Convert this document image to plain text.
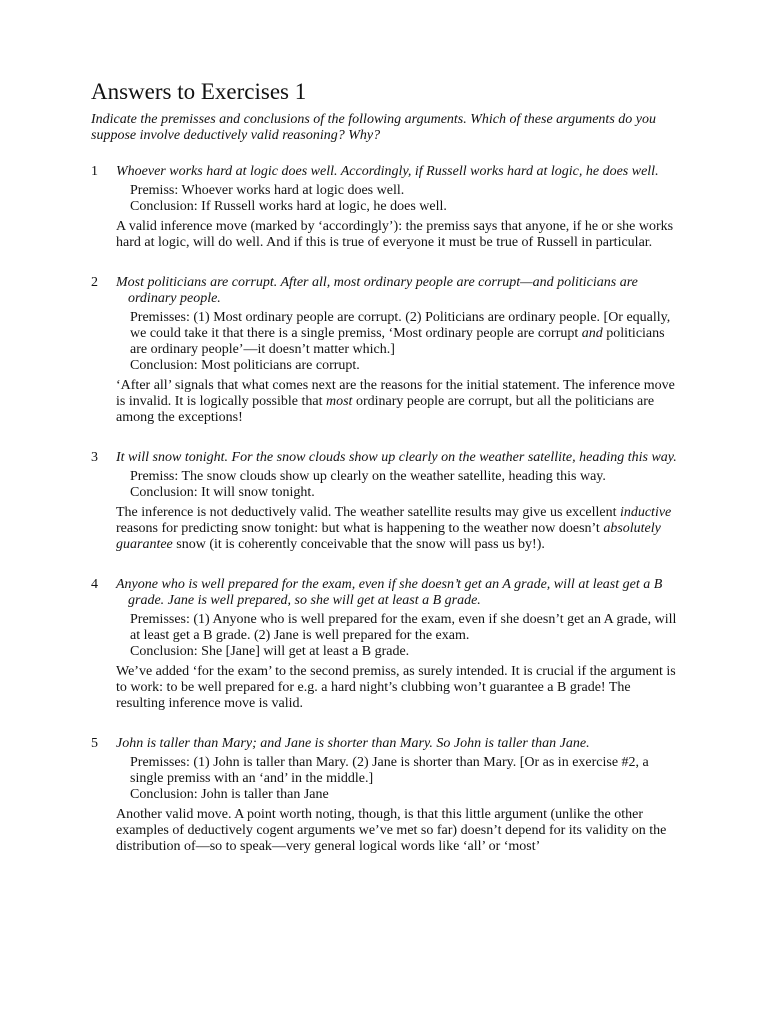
Answers to Exercises 1

Indicate the premisses and conclusions of the following arguments. Which of these arguments do you suppose involve deductively valid reasoning? Why?

1 Whoever works hard at logic does well. Accordingly, if Russell works hard at logic, he does well.

Premiss: Whoever works hard at logic does well.

Conclusion: If Russell works hard at logic, he does well.

A valid inference move (marked by ‘accordingly’): the premiss says that anyone, if he or she works hard at logic, will do well. And if this is true of everyone it must be true of Russell in particular.

2 Most politicians are corrupt. After all, most ordinary people are corrupt—and politicians are ordinary people.

Premisses: (1) Most ordinary people are corrupt. (2) Politicians are ordinary people. [Or equally, we could take it that there is a single premiss, ‘Most ordinary people are corrupt and politicians are ordinary people’—it doesn’t matter which.]

Conclusion: Most politicians are corrupt.

‘After all’ signals that what comes next are the reasons for the initial statement. The inference move is invalid. It is logically possible that most ordinary people are corrupt, but all the politicians are among the exceptions!

3 It will snow tonight. For the snow clouds show up clearly on the weather satellite, heading this way.

Premiss: The snow clouds show up clearly on the weather satellite, heading this way.

Conclusion: It will snow tonight.

The inference is not deductively valid. The weather satellite results may give us excellent inductive reasons for predicting snow tonight: but what is happening to the weather now doesn’t absolutely guarantee snow (it is coherently conceivable that the snow will pass us by!).

4 Anyone who is well prepared for the exam, even if she doesn’t get an A grade, will at least get a B grade. Jane is well prepared, so she will get at least a B grade.

Premisses: (1) Anyone who is well prepared for the exam, even if she doesn’t get an A grade, will at least get a B grade. (2) Jane is well prepared for the exam.

Conclusion: She [Jane] will get at least a B grade.

We’ve added ‘for the exam’ to the second premiss, as surely intended. It is crucial if the argument is to work: to be well prepared for e.g. a hard night’s clubbing won’t guarantee a B grade! The resulting inference move is valid.

5 John is taller than Mary; and Jane is shorter than Mary. So John is taller than Jane.

Premisses: (1) John is taller than Mary. (2) Jane is shorter than Mary. [Or as in exercise #2, a single premiss with an ‘and’ in the middle.]

Conclusion: John is taller than Jane

Another valid move. A point worth noting, though, is that this little argument (unlike the other examples of deductively cogent arguments we’ve met so far) doesn’t depend for its validity on the distribution of—so to speak—very general logical words like ‘all’ or ‘most’
